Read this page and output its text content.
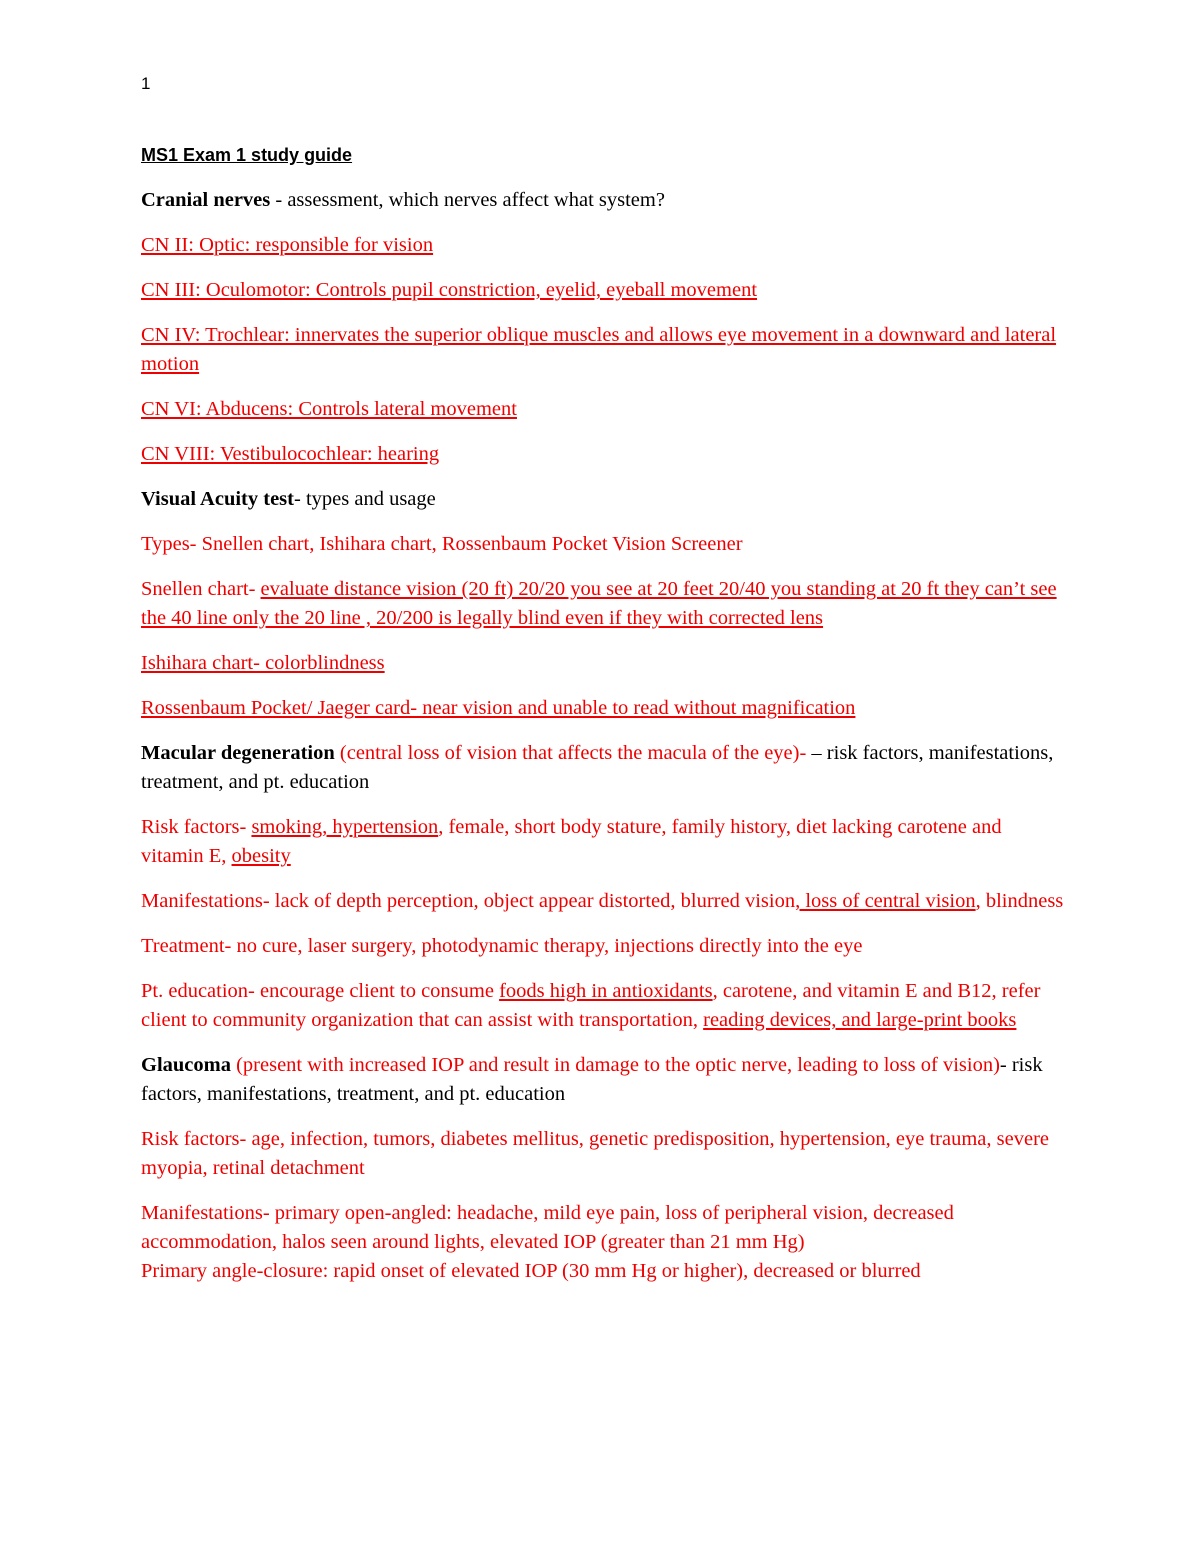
1
MS1 Exam 1 study guide

Cranial nerves - assessment, which nerves affect what system?

CN II: Optic: responsible for vision

CN III: Oculomotor: Controls pupil constriction, eyelid, eyeball movement

CN IV: Trochlear: innervates the superior oblique muscles and allows eye movement in a downward and lateral motion

CN VI: Abducens: Controls lateral movement

CN VIII: Vestibulocochlear: hearing

Visual Acuity test- types and usage

Types- Snellen chart, Ishihara chart, Rossenbaum Pocket Vision Screener

Snellen chart- evaluate distance vision (20 ft) 20/20 you see at 20 feet 20/40 you standing at 20 ft they can’t see the 40 line only the 20 line , 20/200 is legally blind even if they with corrected lens

Ishihara chart- colorblindness

Rossenbaum Pocket/ Jaeger card- near vision and unable to read without magnification

Macular degeneration (central loss of vision that affects the macula of the eye)- – risk factors, manifestations, treatment, and pt. education

Risk factors- smoking, hypertension, female, short body stature, family history, diet lacking carotene and vitamin E, obesity

Manifestations- lack of depth perception, object appear distorted, blurred vision, loss of central vision, blindness

Treatment- no cure, laser surgery, photodynamic therapy, injections directly into the eye

Pt. education- encourage client to consume foods high in antioxidants, carotene, and vitamin E and B12, refer client to community organization that can assist with transportation, reading devices, and large-print books

Glaucoma (present with increased IOP and result in damage to the optic nerve, leading to loss of vision)- risk factors, manifestations, treatment, and pt. education

Risk factors- age, infection, tumors, diabetes mellitus, genetic predisposition, hypertension, eye trauma, severe myopia, retinal detachment

Manifestations- primary open-angled: headache, mild eye pain, loss of peripheral vision, decreased accommodation, halos seen around lights, elevated IOP (greater than 21 mm Hg)
Primary angle-closure: rapid onset of elevated IOP (30 mm Hg or higher), decreased or blurred
